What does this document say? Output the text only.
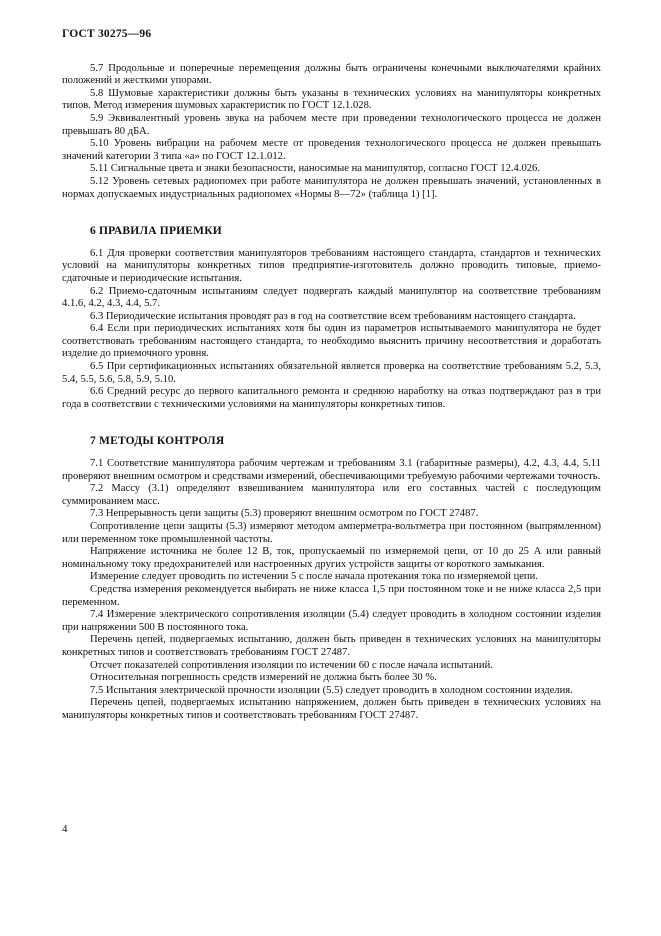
ГОСТ 30275—96

5.7 Продольные и поперечные перемещения должны быть ограничены конечными выключателями крайних положений и жесткими упорами.

5.8 Шумовые характеристики должны быть указаны в технических условиях на манипуляторы конкретных типов. Метод измерения шумовых характеристик по ГОСТ 12.1.028.

5.9 Эквивалентный уровень звука на рабочем месте при проведении технологического процесса не должен превышать 80 дБА.

5.10 Уровень вибрации на рабочем месте от проведения технологического процесса не должен превышать значений категории 3 типа «а» по ГОСТ 12.1.012.

5.11 Сигнальные цвета и знаки безопасности, наносимые на манипулятор, согласно ГОСТ 12.4.026.

5.12 Уровень сетевых радиопомех при работе манипулятора не должен превышать значений, установленных в нормах допускаемых индустриальных радиопомех «Нормы 8—72» (таблица 1) [1].

6 ПРАВИЛА ПРИЕМКИ

6.1 Для проверки соответствия манипуляторов требованиям настоящего стандарта, стандартов и технических условий на манипуляторы конкретных типов предприятие-изготовитель должно проводить типовые, приемо-сдаточные и периодические испытания.

6.2 Приемо-сдаточным испытаниям следует подвергать каждый манипулятор на соответствие требованиям 4.1.6, 4.2, 4.3, 4.4, 5.7.

6.3 Периодические испытания проводят раз в год на соответствие всем требованиям настоящего стандарта.

6.4 Если при периодических испытаниях хотя бы один из параметров испытываемого манипулятора не будет соответствовать требованиям настоящего стандарта, то необходимо выяснить причину несоответствия и доработать изделие до приемочного уровня.

6.5 При сертификационных испытаниях обязательной является проверка на соответствие требованиям 5.2, 5.3, 5.4, 5.5, 5.6, 5.8, 5.9, 5.10.

6.6 Средний ресурс до первого капитального ремонта и среднюю наработку на отказ подтверждают раз в три года в соответствии с техническими условиями на манипуляторы конкретных типов.

7 МЕТОДЫ КОНТРОЛЯ

7.1 Соответствие манипулятора рабочим чертежам и требованиям 3.1 (габаритные размеры), 4.2, 4.3, 4.4, 5.11 проверяют внешним осмотром и средствами измерений, обеспечивающими требуемую рабочими чертежами точность.

7.2 Массу (3.1) определяют взвешиванием манипулятора или его составных частей с последующим суммированием масс.

7.3 Непрерывность цепи защиты (5.3) проверяют внешним осмотром по ГОСТ 27487.

Сопротивление цепи защиты (5.3) измеряют методом амперметра-вольтметра при постоянном (выпрямленном) или переменном токе промышленной частоты.

Напряжение источника не более 12 В, ток, пропускаемый по измеряемой цепи, от 10 до 25 А или равный номинальному току предохранителей или настроенных других устройств защиты от короткого замыкания.

Измерение следует проводить по истечении 5 с после начала протекания тока по измеряемой цепи.

Средства измерения рекомендуется выбирать не ниже класса 1,5 при постоянном токе и не ниже класса 2,5 при переменном.

7.4 Измерение электрического сопротивления изоляции (5.4) следует проводить в холодном состоянии изделия при напряжении 500 В постоянного тока.

Перечень цепей, подвергаемых испытанию, должен быть приведен в технических условиях на манипуляторы конкретных типов и соответствовать требованиям ГОСТ 27487.

Отсчет показателей сопротивления изоляции по истечении 60 с после начала испытаний.

Относительная погрешность средств измерений не должна быть более 30 %.

7.5 Испытания электрической прочности изоляции (5.5) следует проводить в холодном состоянии изделия.

Перечень цепей, подвергаемых испытанию напряжением, должен быть приведен в технических условиях на манипуляторы конкретных типов и соответствовать требованиям ГОСТ 27487.

4
